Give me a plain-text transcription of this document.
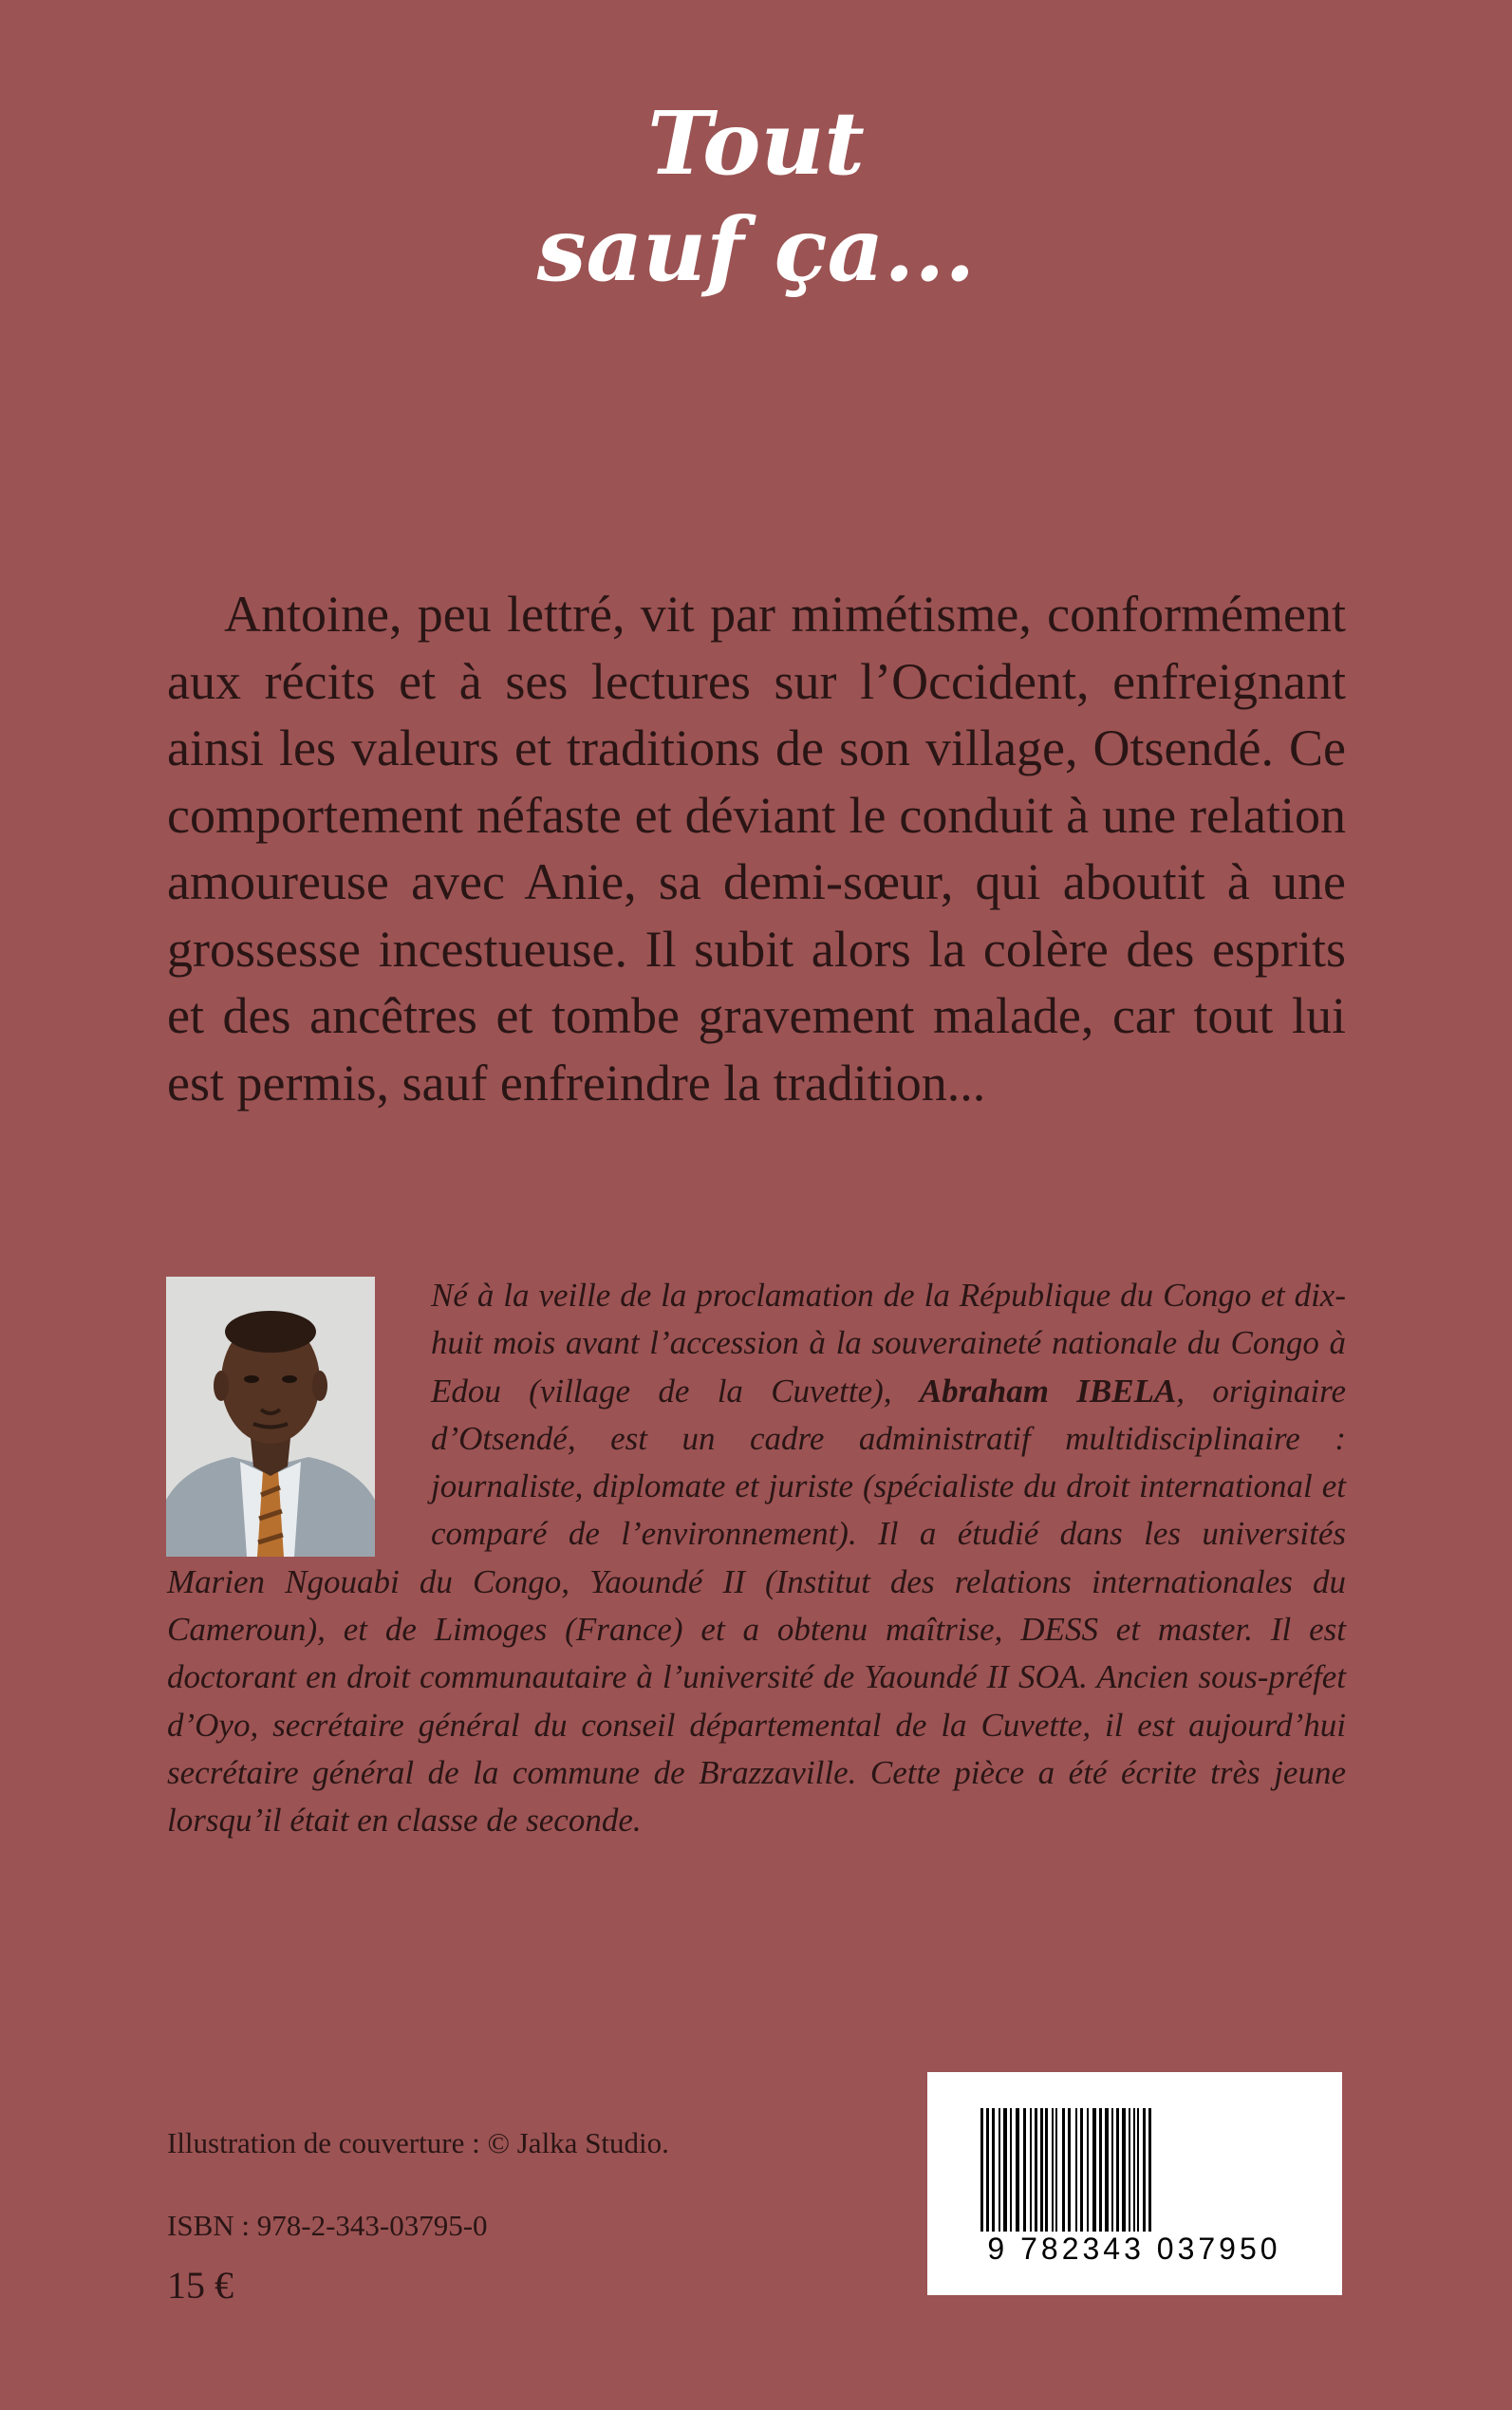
Tout
sauf ça...

Antoine, peu lettré, vit par mimétisme, conformément aux récits et à ses lectures sur l’Occident, enfreignant ainsi les valeurs et traditions de son village, Otsendé. Ce comportement néfaste et déviant le conduit à une relation amoureuse avec Anie, sa demi-sœur, qui aboutit à une grossesse incestueuse. Il subit alors la colère des esprits et des ancêtres et tombe gravement malade, car tout lui est permis, sauf enfreindre la tradition...

Né à la veille de la proclamation de la République du Congo et dix-huit mois avant l’accession à la souveraineté nationale du Congo à Edou (village de la Cuvette), Abraham IBELA, originaire d’Otsendé, est un cadre administratif multidisciplinaire : journaliste, diplomate et juriste (spécialiste du droit international et comparé de l’environnement). Il a étudié dans les universités Marien Ngouabi du Congo, Yaoundé II (Institut des relations internationales du Cameroun), et de Limoges (France) et a obtenu maîtrise, DESS et master. Il est doctorant en droit communautaire à l’université de Yaoundé II SOA. Ancien sous-préfet d’Oyo, secrétaire général du conseil départemental de la Cuvette, il est aujourd’hui secrétaire général de la commune de Brazzaville. Cette pièce a été écrite très jeune lorsqu’il était en classe de seconde.

Illustration de couverture : © Jalka Studio.
ISBN : 978-2-343-03795-0
15 €
9 782343 037950
